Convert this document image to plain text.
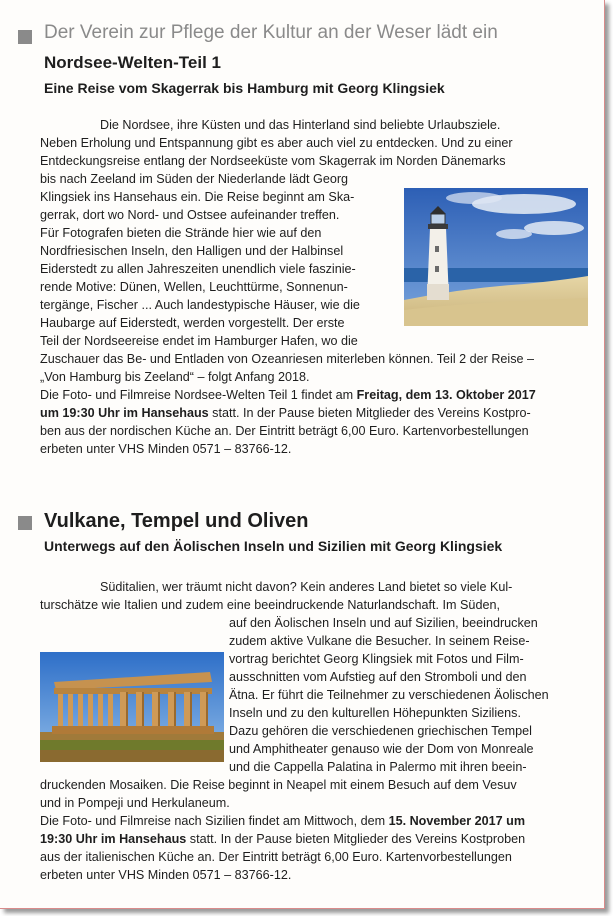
Der Verein zur Pflege der Kultur an der Weser lädt ein
Nordsee-Welten-Teil 1
Eine Reise vom Skagerrak bis Hamburg mit Georg Klingsiek
Die Nordsee, ihre Küsten und das Hinterland sind beliebte Urlaubsziele.
Neben Erholung und Entspannung gibt es aber auch viel zu entdecken. Und zu einer
Entdeckungsreise entlang der Nordseeküste vom Skagerrak im Norden Dänemarks
bis nach Zeeland im Süden der Niederlande lädt Georg
Klingsiek ins Hansehaus ein. Die Reise beginnt am Ska-
gerrak, dort wo Nord- und Ostsee aufeinander treffen.
Für Fotografen bieten die Strände hier wie auf den
Nordfriesischen Inseln, den Halligen und der Halbinsel
Eiderstedt zu allen Jahreszeiten unendlich viele faszinie-
rende Motive: Dünen, Wellen, Leuchttürme, Sonnenun-
tergänge, Fischer ... Auch landestypische Häuser, wie die
Haubarge auf Eiderstedt, werden vorgestellt. Der erste
Teil der Nordseereise endet im Hamburger Hafen, wo die
Zuschauer das Be- und Entladen von Ozeanriesen miterleben können. Teil 2 der Reise –
„Von Hamburg bis Zeeland“ – folgt Anfang 2018.
Die Foto- und Filmreise Nordsee-Welten Teil 1 findet am Freitag, dem 13. Oktober 2017
um 19:30 Uhr im Hansehaus statt. In der Pause bieten Mitglieder des Vereins Kostpro-
ben aus der nordischen Küche an. Der Eintritt beträgt 6,00 Euro. Kartenvorbestellungen
erbeten unter VHS Minden 0571 – 83766-12.
Vulkane, Tempel und Oliven
Unterwegs auf den Äolischen Inseln und Sizilien mit Georg Klingsiek
Süditalien, wer träumt nicht davon? Kein anderes Land bietet so viele Kul-
turschätze wie Italien und zudem eine beeindruckende Naturlandschaft. Im Süden,
auf den Äolischen Inseln und auf Sizilien, beeindrucken
zudem aktive Vulkane die Besucher. In seinem Reise-
vortrag berichtet Georg Klingsiek mit Fotos und Film-
ausschnitten vom Aufstieg auf den Stromboli und den
Ätna. Er führt die Teilnehmer zu verschiedenen Äolischen
Inseln und zu den kulturellen Höhepunkten Siziliens.
Dazu gehören die verschiedenen griechischen Tempel
und Amphitheater genauso wie der Dom von Monreale
und die Cappella Palatina in Palermo mit ihren beein-
druckenden Mosaiken. Die Reise beginnt in Neapel mit einem Besuch auf dem Vesuv
und in Pompeji und Herkulaneum.
Die Foto- und Filmreise nach Sizilien findet am Mittwoch, dem 15. November 2017 um
19:30 Uhr im Hansehaus statt. In der Pause bieten Mitglieder des Vereins Kostproben
aus der italienischen Küche an. Der Eintritt beträgt 6,00 Euro. Kartenvorbestellungen
erbeten unter VHS Minden 0571 – 83766-12.
